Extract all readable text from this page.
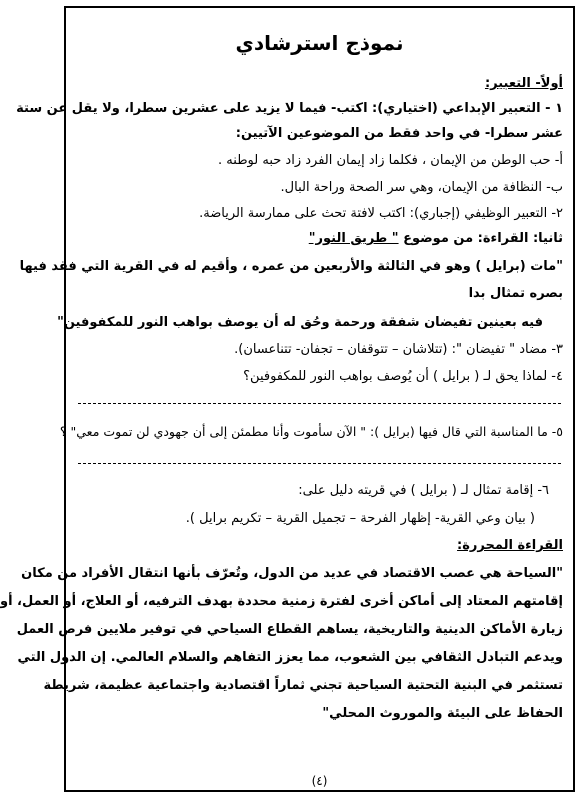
نموذج استرشادي
أولاً- التعبير:
١ - التعبير الإبداعي (اختياري): اكتب- فيما لا يزيد على عشرين سطرا، ولا يقل عن ستة
عشر سطرا- في واحد فقط من الموضوعين الآتيين:
أ- حب الوطن من الإيمان ، فكلما زاد إيمان الفرد زاد حبه لوطنه .
ب- النظافة من الإيمان، وهي سر الصحة وراحة البال.
٢- التعبير الوظيفي (إجباري): اكتب لافتة تحث على ممارسة الرياضة.
ثانيا: القراءة: من موضوع " طريق النور"
"مات (برايل ) وهو في الثالثة والأربعين من عمره ، وأقيم له في القرية التي فقد فيها
بصره تمثال بدا
فيه بعينين تفيضان شفقة ورحمة وحُق له أن يوصف بواهب النور للمكفوفين"
٣- مضاد " تفيضان ": (تتلاشان – تتوقفان – تجفان- تتناعسان).
٤- لماذا يحق لـ ( برايل ) أن يُوصف بواهب النور للمكفوفين؟
٥- ما المناسبة التي قال فيها (برايل ): " الآن سأموت وأنا مطمئن إلى أن جهودي لن تموت معي" ؟
٦- إقامة تمثال لـ ( برايل ) في قريته دليل على:
( بيان وعي القرية- إظهار الفرحة – تجميل القرية – تكريم برايل ).
القراءة المحررة:
"السياحة هي عصب الاقتصاد في عديد من الدول، وتُعرّف بأنها انتقال الأفراد من مكان
إقامتهم المعتاد إلى أماكن أخرى لفترة زمنية محددة بهدف الترفيه، أو العلاج، أو العمل، أو
زيارة الأماكن الدينية والتاريخية، يساهم القطاع السياحي في توفير ملايين فرص العمل
ويدعم التبادل الثقافي بين الشعوب، مما يعزز التفاهم والسلام العالمي. إن الدول التي
تستثمر في البنية التحتية السياحية تجني ثماراً اقتصادية واجتماعية عظيمة، شريطة
الحفاظ على البيئة والموروث المحلي"
(٤)
